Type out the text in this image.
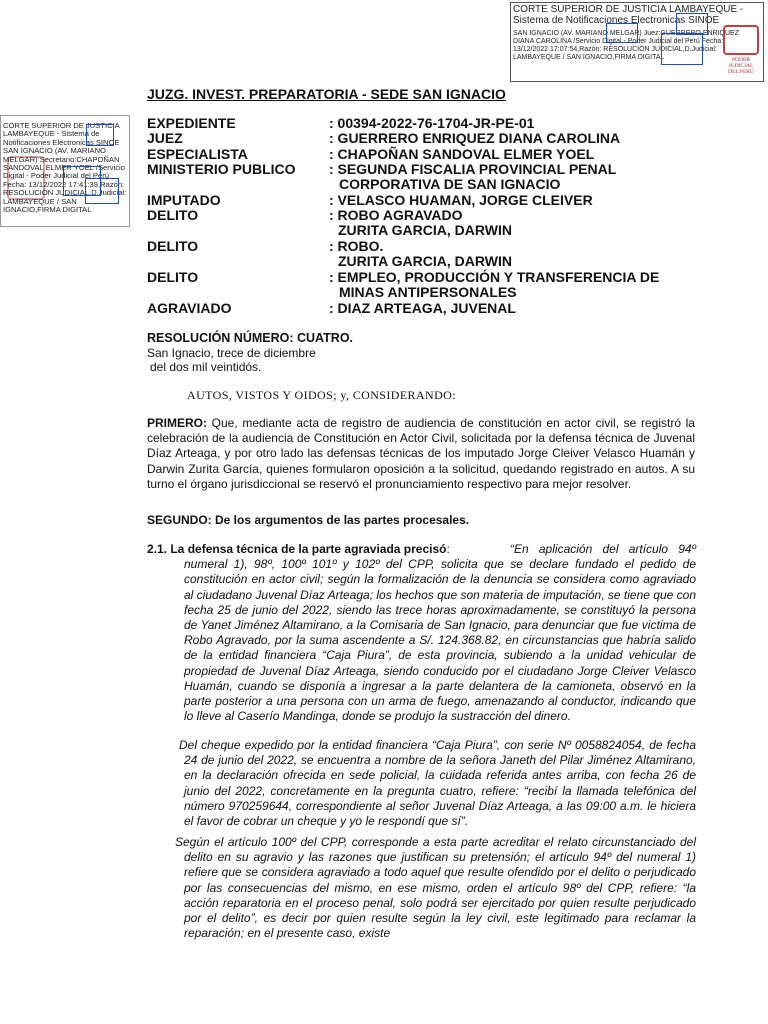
CORTE SUPERIOR DE JUSTICIA LAMBAYEQUE - Sistema de Notificaciones Electronicas SINOE
SAN IGNACIO (AV. MARIANO MELGAR) Juez:GUERRERO ENRIQUEZ DIANA CAROLINA /Servicio Digital - Poder Judicial del Perú Fecha: 13/12/2022 17:07:54,Razón: RESOLUCIÓN JUDICIAL,D.Judicial: LAMBAYEQUE / SAN IGNACIO,FIRMA DIGITAL	PODER JUDICIAL DEL PERÚ
CORTE SUPERIOR DE JUSTICIA LAMBAYEQUE - Sistema de Notificaciones Electronicas SINOE SAN IGNACIO (AV. MARIANO MELGAR) Secretario:CHAPOÑAN SANDOVAL ELMER YOEL /Servicio Digital - Poder Judicial del Perú Fecha: 13/12/2022 17:41:39,Razón: RESOLUCIÓN JUDICIAL,D.Judicial: LAMBAYEQUE / SAN IGNACIO,FIRMA DIGITAL
JUZG. INVEST. PREPARATORIA - SEDE SAN IGNACIO
EXPEDIENTE	: 00394-2022-76-1704-JR-PE-01
JUEZ	: GUERRERO ENRIQUEZ DIANA CAROLINA
ESPECIALISTA	: CHAPOÑAN SANDOVAL ELMER YOEL
MINISTERIO PUBLICO : SEGUNDA FISCALIA PROVINCIAL PENAL
CORPORATIVA DE SAN IGNACIO
IMPUTADO	: VELASCO HUAMAN, JORGE CLEIVER
DELITO	: ROBO AGRAVADO
ZURITA GARCIA, DARWIN
DELITO	: ROBO.
ZURITA GARCIA, DARWIN
DELITO	: EMPLEO, PRODUCCIÓN Y TRANSFERENCIA DE
MINAS ANTIPERSONALES
AGRAVIADO	: DIAZ ARTEAGA, JUVENAL
RESOLUCIÓN NÚMERO: CUATRO.
San Ignacio, trece de diciembre
del dos mil veintidós.
AUTOS, VISTOS Y OIDOS; y, CONSIDERANDO:
PRIMERO: Que, mediante acta de registro de audiencia de constitución en actor civil, se registró la celebración de la audiencia de Constitución en Actor Civil, solicitada por la defensa técnica de Juvenal Díaz Arteaga, y por otro lado las defensas técnicas de los imputado Jorge Cleiver Velasco Huamán y Darwin Zurita García, quienes formularon oposición a la solicitud, quedando registrado en autos. A su turno el órgano jurisdiccional se reservó el pronunciamiento respectivo para mejor resolver.
SEGUNDO: De los argumentos de las partes procesales.
2.1. La defensa técnica de la parte agraviada precisó:	“En aplicación del artículo 94º numeral 1), 98º, 100º 101º y 102º del CPP, solicita que se declare fundado el pedido de constitución en actor civil; según la formalización de la denuncia se considera como agraviado al ciudadano Juvenal Díaz Arteaga; los hechos que son materia de imputación, se tiene que con fecha 25 de junio del 2022, siendo las trece horas aproximadamente, se constituyó la persona de Yanet Jiménez Altamirano, a la Comisaria de San Ignacio, para denunciar que fue victima de Robo Agravado, por la suma ascendente a S/. 124.368.82, en circunstancias que habría salido de la entidad financiera “Caja Piura”, de esta provincia, subiendo a la unidad vehicular de propiedad de Juvenal Díaz Arteaga, siendo conducido por el ciudadano Jorge Cleiver Velasco Huamán, cuando se disponía a ingresar a la parte delantera de la camioneta, observó en la parte posterior a una persona con un arma de fuego, amenazando al conductor, indicando que lo lleve al Caserío Mandinga, donde se produjo la sustracción del dinero.
Del cheque expedido por la entidad financiera “Caja Piura”, con serie Nº 0058824054, de fecha 24 de junio del 2022, se encuentra a nombre de la señora Janeth del Pilar Jiménez Altamirano, en la declaración ofrecida en sede policial, la cuidada referida antes arriba, con fecha 26 de junio del 2022, concretamente en la pregunta cuatro, refiere: “recibí la llamada telefónica del número 970259644, correspondiente al señor Juvenal Díaz Arteaga, a las 09:00 a.m. le hiciera el favor de cobrar un cheque y yo le respondí que sí”.
Según el artículo 100º del CPP, corresponde a esta parte acreditar el relato circunstanciado del delito en su agravio y las razones que justifican su pretensión; el artículo 94º del numeral 1) refiere que se considera agraviado a todo aquel que resulte ofendido por el delito o perjudicado por las consecuencias del mismo, en ese mismo, orden el artículo 98º del CPP, refiere: “la acción reparatoria en el proceso penal, solo podrá ser ejercitado por quien resulte perjudicado por el delito”, es decir por quien resulte según la ley civil, este legitimado para reclamar la reparación; en el presente caso, existe
